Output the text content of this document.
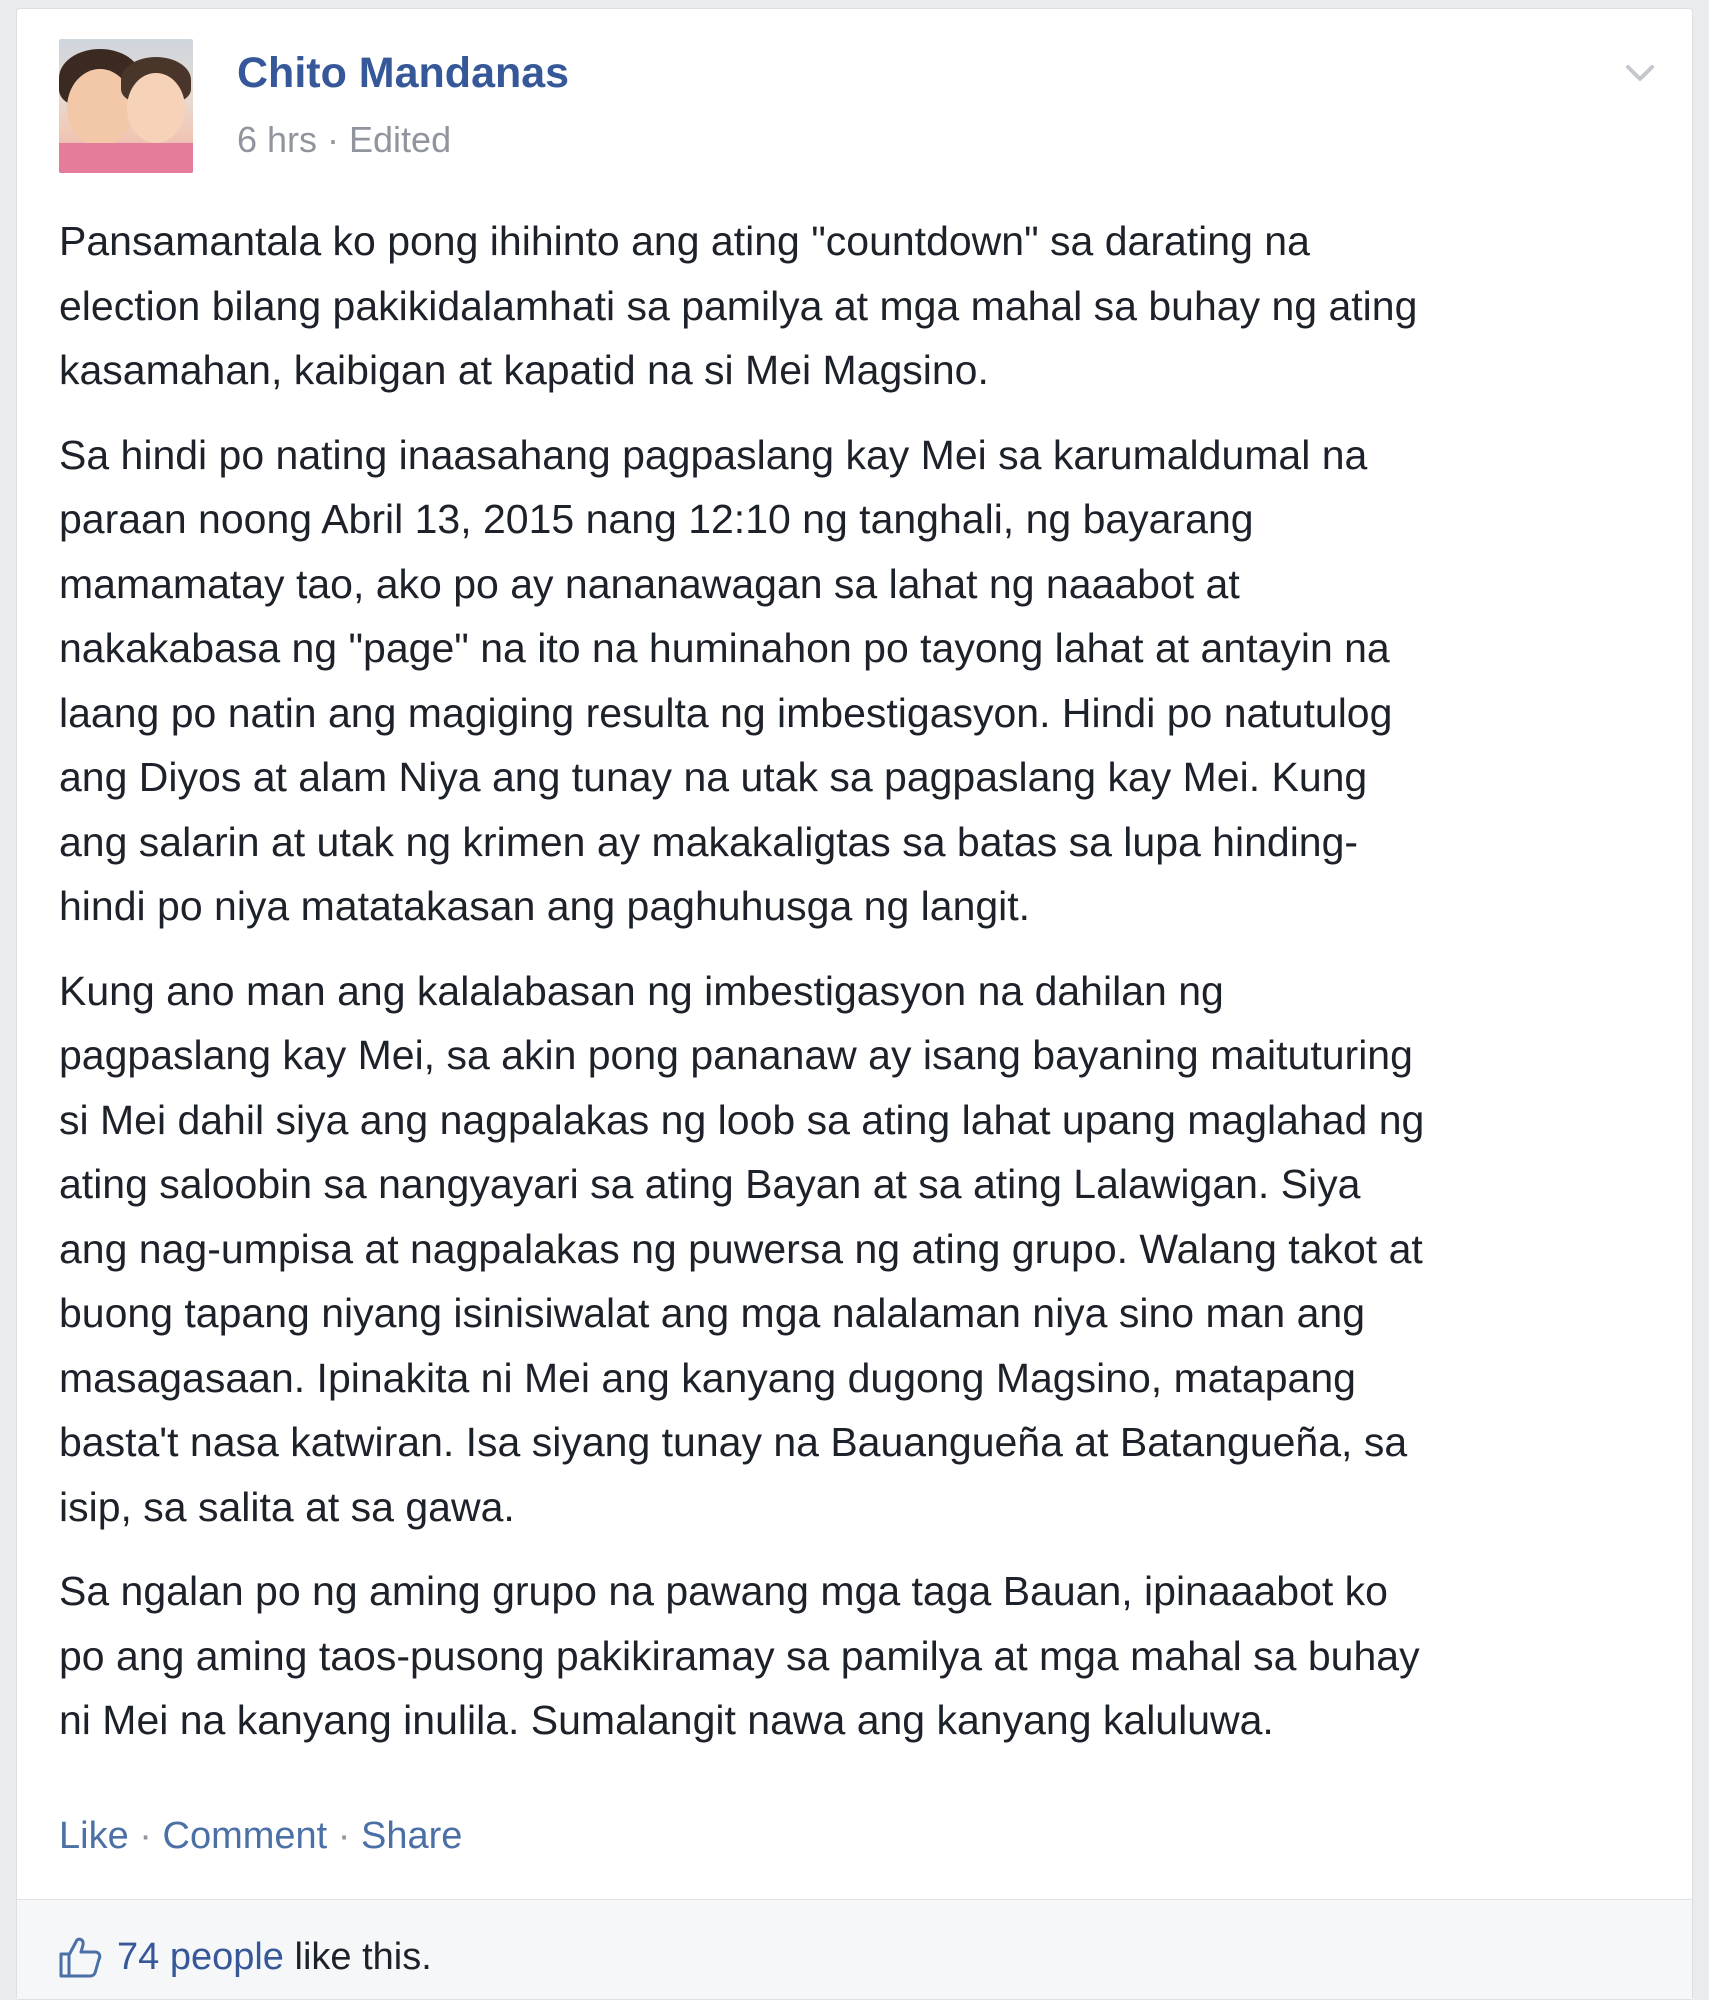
Chito Mandanas
6 hrs · Edited

Pansamantala ko pong ihihinto ang ating "countdown" sa darating na
election bilang pakikidalamhati sa pamilya at mga mahal sa buhay ng ating
kasamahan, kaibigan at kapatid na si Mei Magsino.

Sa hindi po nating inaasahang pagpaslang kay Mei sa karumaldumal na
paraan noong Abril 13, 2015 nang 12:10 ng tanghali, ng bayarang
mamamatay tao, ako po ay nananawagan sa lahat ng naaabot at
nakakabasa ng "page" na ito na huminahon po tayong lahat at antayin na
laang po natin ang magiging resulta ng imbestigasyon. Hindi po natutulog
ang Diyos at alam Niya ang tunay na utak sa pagpaslang kay Mei. Kung
ang salarin at utak ng krimen ay makakaligtas sa batas sa lupa hinding-
hindi po niya matatakasan ang paghuhusga ng langit.

Kung ano man ang kalalabasan ng imbestigasyon na dahilan ng
pagpaslang kay Mei, sa akin pong pananaw ay isang bayaning maituturing
si Mei dahil siya ang nagpalakas ng loob sa ating lahat upang maglahad ng
ating saloobin sa nangyayari sa ating Bayan at sa ating Lalawigan. Siya
ang nag-umpisa at nagpalakas ng puwersa ng ating grupo. Walang takot at
buong tapang niyang isinisiwalat ang mga nalalaman niya sino man ang
masagasaan. Ipinakita ni Mei ang kanyang dugong Magsino, matapang
basta't nasa katwiran. Isa siyang tunay na Bauangueña at Batangueña, sa
isip, sa salita at sa gawa.

Sa ngalan po ng aming grupo na pawang mga taga Bauan, ipinaaabot ko
po ang aming taos-pusong pakikiramay sa pamilya at mga mahal sa buhay
ni Mei na kanyang inulila. Sumalangit nawa ang kanyang kaluluwa.

Like · Comment · Share
74 people like this.
